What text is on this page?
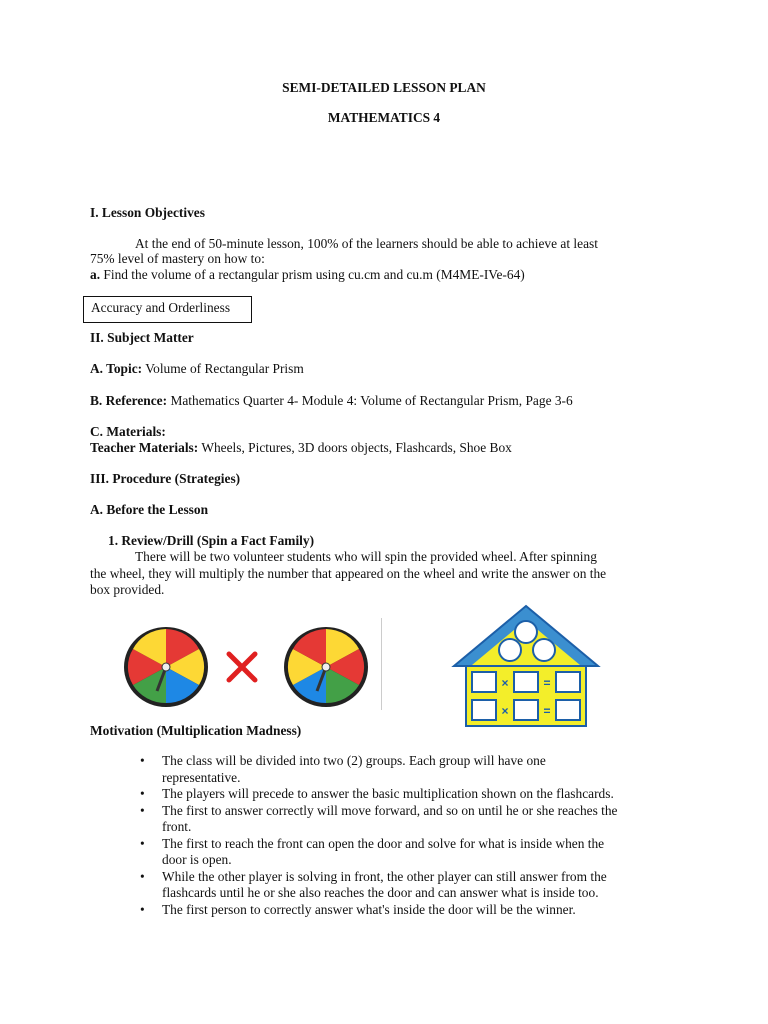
SEMI-DETAILED LESSON PLAN
MATHEMATICS 4
I. Lesson Objectives
At the end of 50-minute lesson, 100% of the learners should be able to achieve at least
75% level of mastery on how to:
a. Find the volume of a rectangular prism using cu.cm and cu.m (M4ME-IVe-64)
Accuracy and Orderliness
II. Subject Matter
A. Topic: Volume of Rectangular Prism
B. Reference: Mathematics Quarter 4- Module 4: Volume of Rectangular Prism, Page 3-6
C. Materials:
Teacher Materials: Wheels, Pictures, 3D doors objects, Flashcards, Shoe Box
III. Procedure (Strategies)
A. Before the Lesson
1. Review/Drill (Spin a Fact Family)
There will be two volunteer students who will spin the provided wheel. After spinning
the wheel, they will multiply the number that appeared on the wheel and write the answer on the
box provided.
×	=
×	=
Motivation (Multiplication Madness)
• The class will be divided into two (2) groups. Each group will have one
representative.
• The players will precede to answer the basic multiplication shown on the flashcards.
• The first to answer correctly will move forward, and so on until he or she reaches the
front.
• The first to reach the front can open the door and solve for what is inside when the
door is open.
• While the other player is solving in front, the other player can still answer from the
flashcards until he or she also reaches the door and can answer what is inside too.
• The first person to correctly answer what's inside the door will be the winner.
